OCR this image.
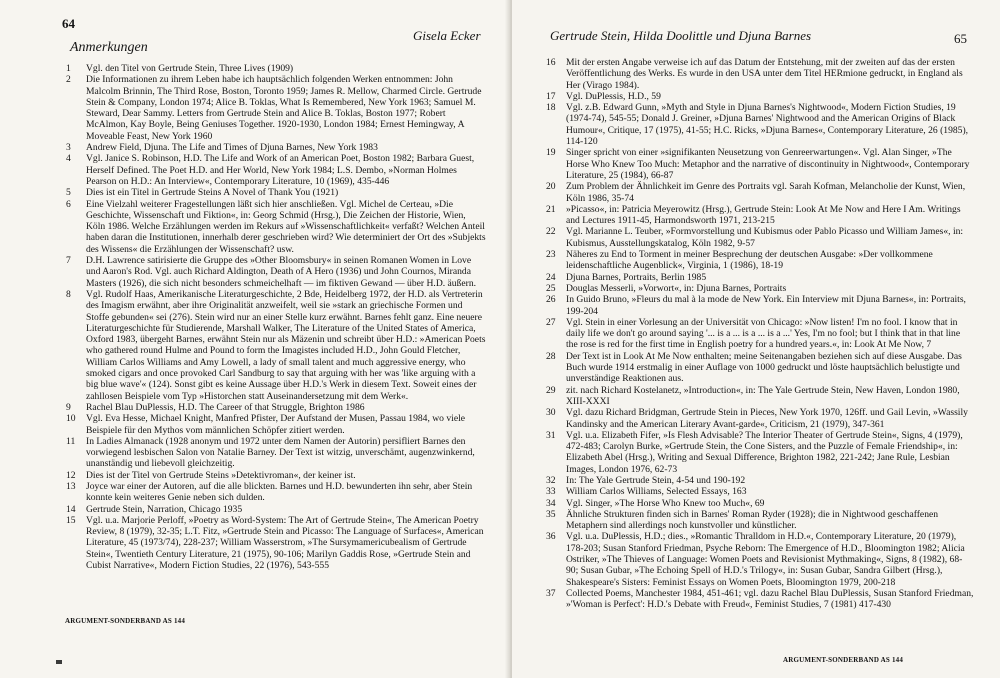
64
Gisela Ecker
Anmerkungen
1	Vgl. den Titel von Gertrude Stein, Three Lives (1909)
2	Die Informationen zu ihrem Leben habe ich hauptsächlich folgenden Werken entnommen: John Malcolm Brinnin, The Third Rose, Boston, Toronto 1959; James R. Mellow, Charmed Circle. Gertrude Stein & Company, London 1974; Alice B. Toklas, What Is Remembered, New York 1963; Samuel M. Steward, Dear Sammy. Letters from Gertrude Stein and Alice B. Toklas, Boston 1977; Robert McAlmon, Kay Boyle, Being Geniuses Together. 1920-1930, London 1984; Ernest Hemingway, A Moveable Feast, New York 1960
3	Andrew Field, Djuna. The Life and Times of Djuna Barnes, New York 1983
4	Vgl. Janice S. Robinson, H.D. The Life and Work of an American Poet, Boston 1982; Barbara Guest, Herself Defined. The Poet H.D. and Her World, New York 1984; L.S. Dembo, »Norman Holmes Pearson on H.D.: An Interview«, Contemporary Literature, 10 (1969), 435-446
5	Dies ist ein Titel in Gertrude Steins A Novel of Thank You (1921)
6	Eine Vielzahl weiterer Fragestellungen läßt sich hier anschließen. Vgl. Michel de Certeau, »Die Geschichte, Wissenschaft und Fiktion«, in: Georg Schmid (Hrsg.), Die Zeichen der Historie, Wien, Köln 1986. Welche Erzählungen werden im Rekurs auf »Wissenschaftlichkeit« verfaßt? Welchen Anteil haben daran die Institutionen, innerhalb derer geschrieben wird? Wie determiniert der Ort des »Subjekts des Wissens« die Erzählungen der Wissenschaft? usw.
7	D.H. Lawrence satirisierte die Gruppe des »Other Bloomsbury« in seinen Romanen Women in Love und Aaron's Rod. Vgl. auch Richard Aldington, Death of A Hero (1936) und John Cournos, Miranda Masters (1926), die sich nicht besonders schmeichelhaft — im fiktiven Gewand — über H.D. äußern.
8	Vgl. Rudolf Haas, Amerikanische Literaturgeschichte, 2 Bde, Heidelberg 1972, der H.D. als Vertreterin des Imagism erwähnt, aber ihre Originalität anzweifelt, weil sie »stark an griechische Formen und Stoffe gebunden« sei (276). Stein wird nur an einer Stelle kurz erwähnt. Barnes fehlt ganz. Eine neuere Literaturgeschichte für Studierende, Marshall Walker, The Literature of the United States of America, Oxford 1983, übergeht Barnes, erwähnt Stein nur als Mäzenin und schreibt über H.D.: »American Poets who gathered round Hulme and Pound to form the Imagistes included H.D., John Gould Fletcher, William Carlos Williams and Amy Lowell, a lady of small talent and much aggressive energy, who smoked cigars and once provoked Carl Sandburg to say that arguing with her was 'like arguing with a big blue wave'« (124). Sonst gibt es keine Aussage über H.D.'s Werk in diesem Text. Soweit eines der zahllosen Beispiele vom Typ »Historchen statt Auseinandersetzung mit dem Werk«.
9	Rachel Blau DuPlessis, H.D. The Career of that Struggle, Brighton 1986
10	Vgl. Eva Hesse, Michael Knight, Manfred Pfister, Der Aufstand der Musen, Passau 1984, wo viele Beispiele für den Mythos vom männlichen Schöpfer zitiert werden.
11	In Ladies Almanack (1928 anonym und 1972 unter dem Namen der Autorin) persifliert Barnes den vorwiegend lesbischen Salon von Natalie Barney. Der Text ist witzig, unverschämt, augenzwinkernd, unanständig und liebevoll gleichzeitig.
12	Dies ist der Titel von Gertrude Steins »Detektivroman«, der keiner ist.
13	Joyce war einer der Autoren, auf die alle blickten. Barnes und H.D. bewunderten ihn sehr, aber Stein konnte kein weiteres Genie neben sich dulden.
14	Gertrude Stein, Narration, Chicago 1935
15	Vgl. u.a. Marjorie Perloff, »Poetry as Word-System: The Art of Gertrude Stein«, The American Poetry Review, 8 (1979), 32-35; L.T. Fitz, »Gertrude Stein and Picasso: The Language of Surfaces«, American Literature, 45 (1973/74), 228-237; William Wasserstrom, »The Sursymamericubealism of Gertrude Stein«, Twentieth Century Literature, 21 (1975), 90-106; Marilyn Gaddis Rose, »Gertrude Stein and Cubist Narrative«, Modern Fiction Studies, 22 (1976), 543-555
ARGUMENT-SONDERBAND AS 144
Gertrude Stein, Hilda Doolittle und Djuna Barnes	65
16	Mit der ersten Angabe verweise ich auf das Datum der Entstehung, mit der zweiten auf das der ersten Veröffentlichung des Werks. Es wurde in den USA unter dem Titel HERmione gedruckt, in England als Her (Virago 1984).
17	Vgl. DuPlessis, H.D., 59
18	Vgl. z.B. Edward Gunn, »Myth and Style in Djuna Barnes's Nightwood«, Modern Fiction Studies, 19 (1974-74), 545-55; Donald J. Greiner, »Djuna Barnes' Nightwood and the American Origins of Black Humour«, Critique, 17 (1975), 41-55; H.C. Ricks, »Djuna Barnes«, Contemporary Literature, 26 (1985), 114-120
19	Singer spricht von einer »signifikanten Neusetzung von Genreerwartungen«. Vgl. Alan Singer, »The Horse Who Knew Too Much: Metaphor and the narrative of discontinuity in Nightwood«, Contemporary Literature, 25 (1984), 66-87
20	Zum Problem der Ähnlichkeit im Genre des Portraits vgl. Sarah Kofman, Melancholie der Kunst, Wien, Köln 1986, 35-74
21	»Picasso«, in: Patricia Meyerowitz (Hrsg.), Gertrude Stein: Look At Me Now and Here I Am. Writings and Lectures 1911-45, Harmondsworth 1971, 213-215
22	Vgl. Marianne L. Teuber, »Formvorstellung und Kubismus oder Pablo Picasso und William James«, in: Kubismus, Ausstellungskatalog, Köln 1982, 9-57
23	Näheres zu End to Torment in meiner Besprechung der deutschen Ausgabe: »Der vollkommene leidenschaftliche Augenblick«, Virginia, 1 (1986), 18-19
24	Djuna Barnes, Portraits, Berlin 1985
25	Douglas Messerli, »Vorwort«, in: Djuna Barnes, Portraits
26	In Guido Bruno, »Fleurs du mal à la mode de New York. Ein Interview mit Djuna Barnes«, in: Portraits, 199-204
27	Vgl. Stein in einer Vorlesung an der Universität von Chicago: »Now listen! I'm no fool. I know that in daily life we don't go around saying '... is a ... is a ... is a ...' Yes, I'm no fool; but I think that in that line the rose is red for the first time in English poetry for a hundred years.«, in: Look At Me Now, 7
28	Der Text ist in Look At Me Now enthalten; meine Seitenangaben beziehen sich auf diese Ausgabe. Das Buch wurde 1914 erstmalig in einer Auflage von 1000 gedruckt und löste hauptsächlich belustigte und unverständige Reaktionen aus.
29	zit. nach Richard Kostelanetz, »Introduction«, in: The Yale Gertrude Stein, New Haven, London 1980, XIII-XXXI
30	Vgl. dazu Richard Bridgman, Gertrude Stein in Pieces, New York 1970, 126ff. und Gail Levin, »Wassily Kandinsky and the American Literary Avant-garde«, Criticism, 21 (1979), 347-361
31	Vgl. u.a. Elizabeth Fifer, »Is Flesh Advisable? The Interior Theater of Gertrude Stein«, Signs, 4 (1979), 472-483; Carolyn Burke, »Gertrude Stein, the Cone Sisters, and the Puzzle of Female Friendship«, in: Elizabeth Abel (Hrsg.), Writing and Sexual Difference, Brighton 1982, 221-242; Jane Rule, Lesbian Images, London 1976, 62-73
32	In: The Yale Gertrude Stein, 4-54 und 190-192
33	William Carlos Williams, Selected Essays, 163
34	Vgl. Singer, »The Horse Who Knew too Much«, 69
35	Ähnliche Strukturen finden sich in Barnes' Roman Ryder (1928); die in Nightwood geschaffenen Metaphern sind allerdings noch kunstvoller und künstlicher.
36	Vgl. u.a. DuPlessis, H.D.; dies., »Romantic Thralldom in H.D.«, Contemporary Literature, 20 (1979), 178-203; Susan Stanford Friedman, Psyche Reborn: The Emergence of H.D., Bloomington 1982; Alicia Ostriker, »The Thieves of Language: Women Poets and Revisionist Mythmaking«, Signs, 8 (1982), 68-90; Susan Gubar, »The Echoing Spell of H.D.'s Trilogy«, in: Susan Gubar, Sandra Gilbert (Hrsg.), Shakespeare's Sisters: Feminist Essays on Women Poets, Bloomington 1979, 200-218
37	Collected Poems, Manchester 1984, 451-461; vgl. dazu Rachel Blau DuPlessis, Susan Stanford Friedman, »'Woman is Perfect': H.D.'s Debate with Freud«, Feminist Studies, 7 (1981) 417-430
ARGUMENT-SONDERBAND AS 144
